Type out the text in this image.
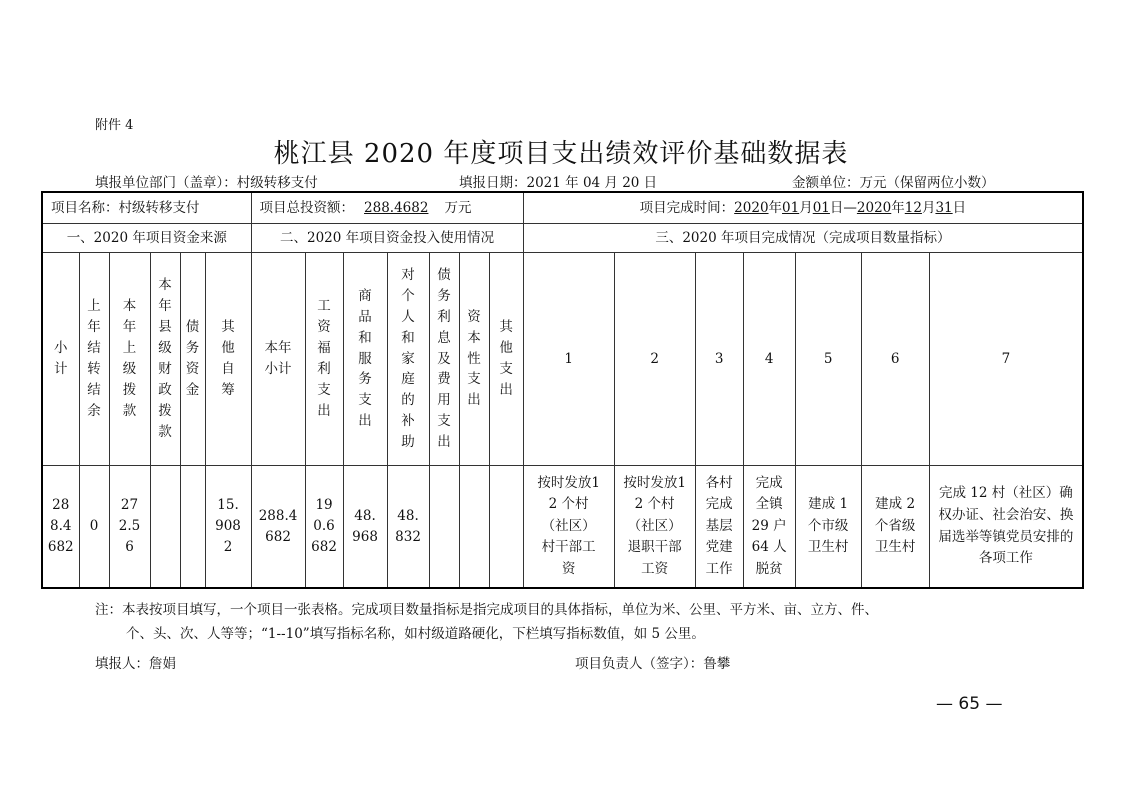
附件 4
桃江县 2020 年度项目支出绩效评价基础数据表
填报单位部门（盖章）：村级转移支付	填报日期：2021 年 04 月 20 日	金额单位：万元（保留两位小数）
项目名称：村级转移支付						项目总投资额： 288.4682 万元							项目完成时间：2020年01月01日—2020年12月31日						
一、2020 年项目资金来源						二、2020 年项目资金投入使用情况							三、2020 年项目完成情况（完成项目数量指标）						
小计	上年结转结余	本年上级拨款	本年县级财政拨款	债务资金	其他自筹	本年小计	工资福利支出	商品和服务支出	对个人和家庭的补助	债务利息及费用支出	资本性支出	其他支出	1	2	3	4	5	6	7
288.4682	0	272.56			15.9082	288.4682	190.6682	48.968	48.832				按时发放12 个村（社区）村干部工资	按时发放12 个村（社区）退职干部工资	各村完成基层党建工作	完成全镇29 户64 人脱贫	建成 1 个市级卫生村	建成 2 个省级卫生村	完成 12 村（社区）确权办证、社会治安、换届选举等镇党员安排的各项工作
注：本表按项目填写，一个项目一张表格。完成项目数量指标是指完成项目的具体指标，单位为米、公里、平方米、亩、立方、件、
个、头、次、人等等；“1--10”填写指标名称，如村级道路硬化，下栏填写指标数值，如 5 公里。
填报人：詹娟	项目负责人（签字）：鲁攀
— 65 —
